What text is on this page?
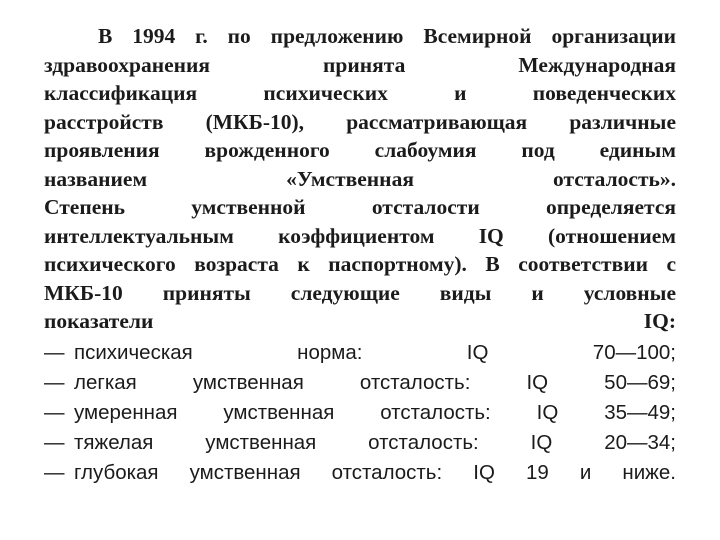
В 1994 г. по предложению Всемирной организации
здравоохранения принята Международная
классификация психических и поведенческих
расстройств (МКБ-10), рассматривающая различные
проявления врожденного слабоумия под единым
названием «Умственная отсталость».
Степень умственной отсталости определяется
интеллектуальным коэффициентом IQ (отношением
психического возраста к паспортному). В соответствии с
МКБ-10 приняты следующие виды и условные
показатели IQ:
— психическая норма: IQ 70—100;
— легкая умственная отсталость: IQ 50—69;
— умеренная умственная отсталость: IQ 35—49;
— тяжелая умственная отсталость: IQ 20—34;
— глубокая умственная отсталость: IQ 19 и ниже.
